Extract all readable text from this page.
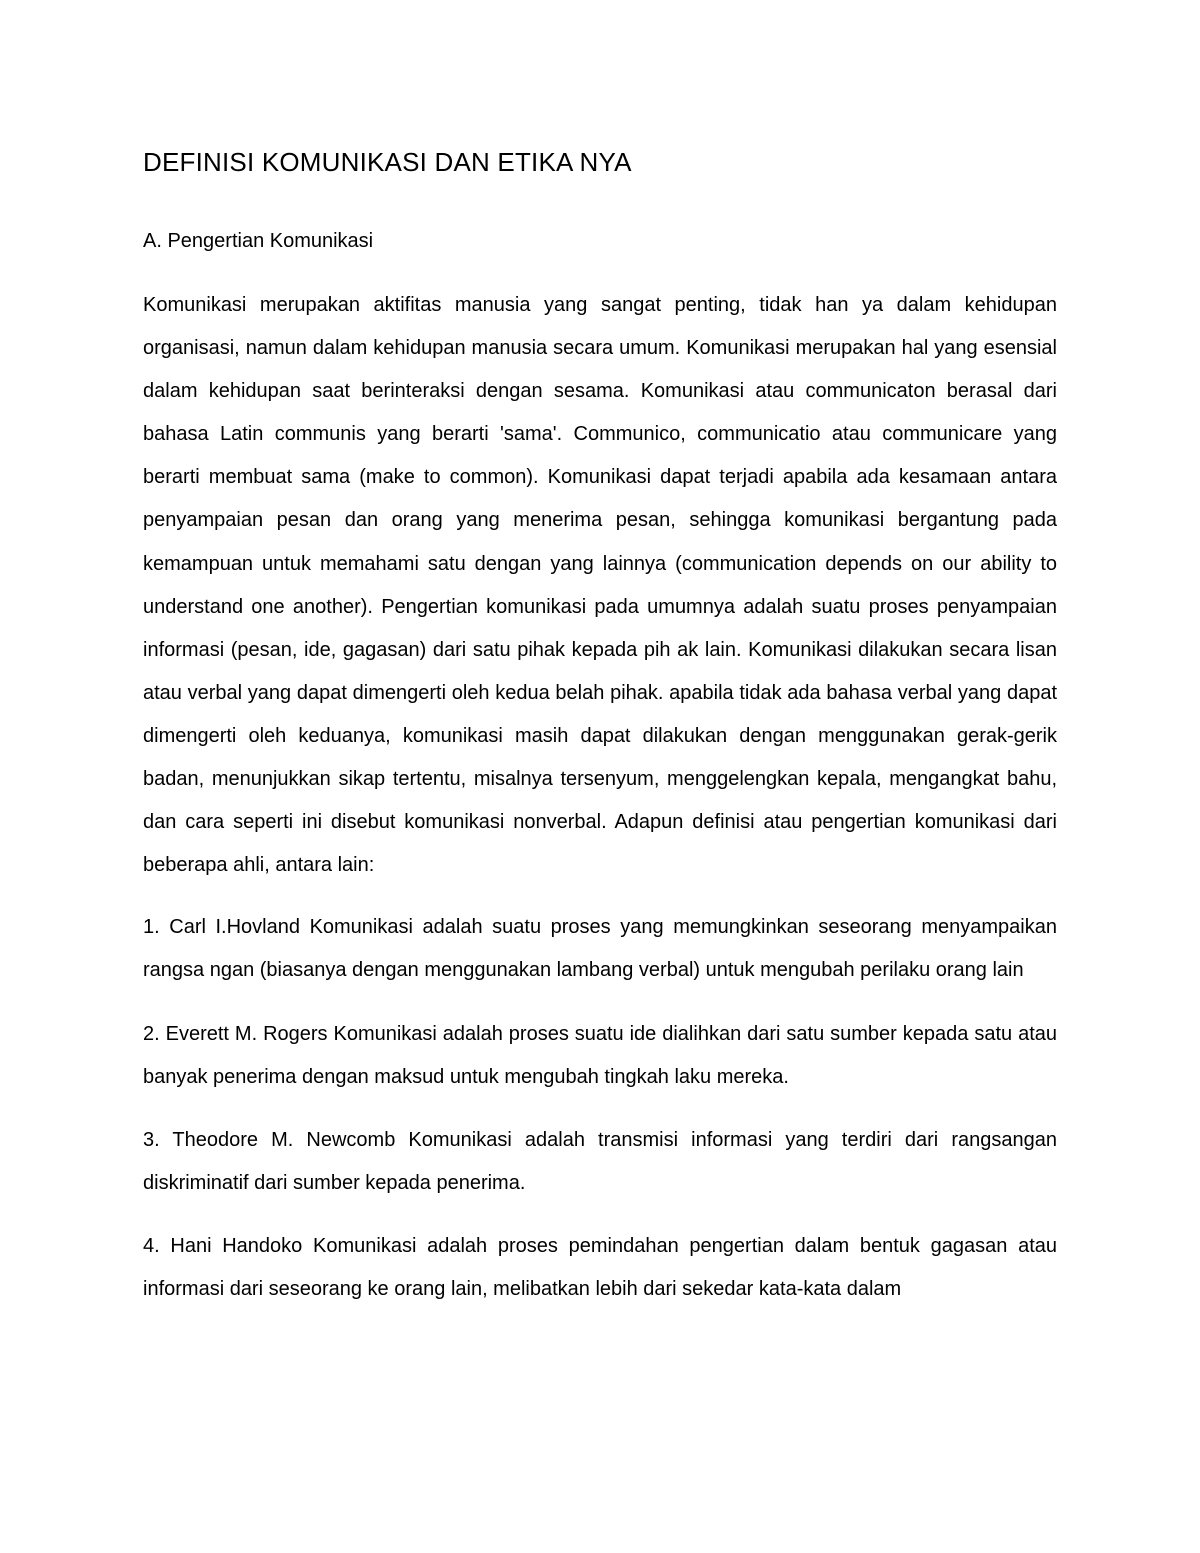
DEFINISI KOMUNIKASI DAN ETIKA NYA
A. Pengertian Komunikasi

Komunikasi merupakan aktifitas manusia yang sangat penting, tidak han ya dalam kehidupan organisasi, namun dalam kehidupan manusia secara umum. Komunikasi merupakan hal yang esensial dalam kehidupan saat berinteraksi dengan sesama. Komunikasi atau communicaton berasal dari bahasa Latin communis yang berarti 'sama'. Communico, communicatio atau communicare yang berarti membuat sama (make to common). Komunikasi dapat terjadi apabila ada kesamaan antara penyampaian pesan dan orang yang menerima pesan, sehingga komunikasi bergantung pada kemampuan untuk memahami satu dengan yang lainnya (communication depends on our ability to understand one another). Pengertian komunikasi pada umumnya adalah suatu proses penyampaian informasi (pesan, ide, gagasan) dari satu pihak kepada pih ak lain. Komunikasi dilakukan secara lisan atau verbal yang dapat dimengerti oleh kedua belah pihak. apabila tidak ada bahasa verbal yang dapat dimengerti oleh keduanya, komunikasi masih dapat dilakukan dengan menggunakan gerak-gerik badan, menunjukkan sikap tertentu, misalnya tersenyum, menggelengkan kepala, mengangkat bahu, dan cara seperti ini disebut komunikasi nonverbal. Adapun definisi atau pengertian komunikasi dari beberapa ahli, antara lain:

1. Carl I.Hovland Komunikasi adalah suatu proses yang memungkinkan seseorang menyampaikan rangsa ngan (biasanya dengan menggunakan lambang verbal) untuk mengubah perilaku orang lain

2. Everett M. Rogers Komunikasi adalah proses suatu ide dialihkan dari satu sumber kepada satu atau banyak penerima dengan maksud untuk mengubah tingkah laku mereka.

3. Theodore M. Newcomb Komunikasi adalah transmisi informasi yang terdiri dari rangsangan diskriminatif dari sumber kepada penerima.

4. Hani Handoko Komunikasi adalah proses pemindahan pengertian dalam bentuk gagasan atau informasi dari seseorang ke orang lain, melibatkan lebih dari sekedar kata-kata dalam
